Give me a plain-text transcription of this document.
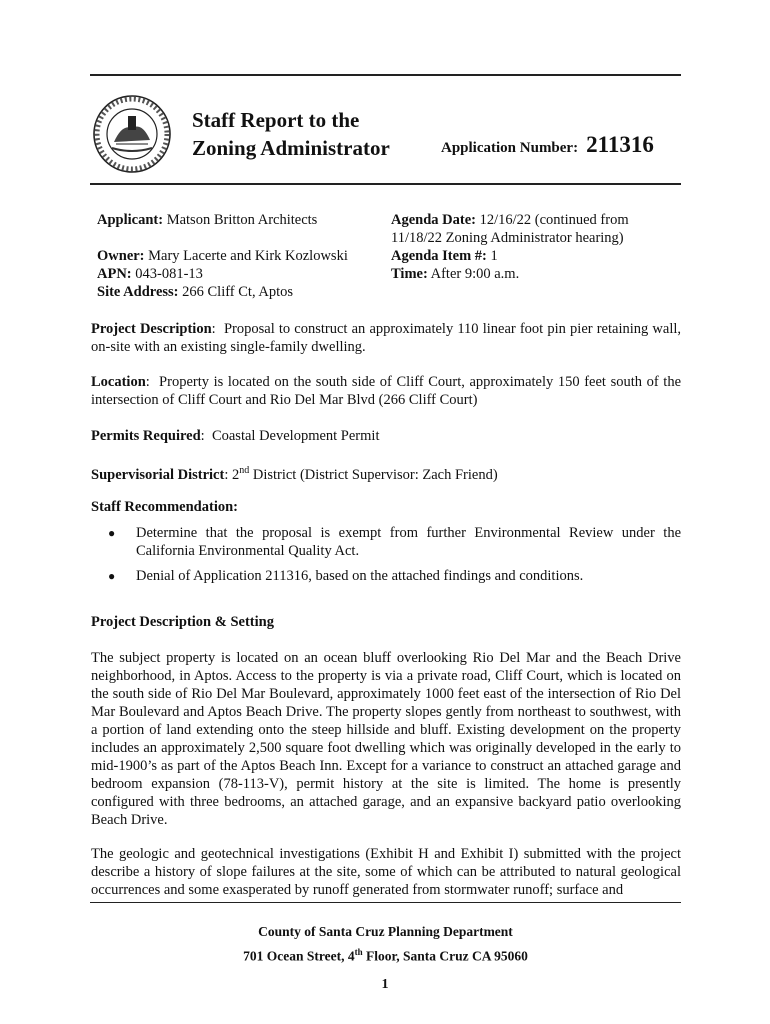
Staff Report to the
Zoning Administrator	Application Number: 211316
Applicant: Matson Britton Architects
Owner: Mary Lacerte and Kirk Kozlowski
APN: 043-081-13
Site Address: 266 Cliff Ct, Aptos
Agenda Date: 12/16/22 (continued from
11/18/22 Zoning Administrator hearing)
Agenda Item #: 1
Time: After 9:00 a.m.
Project Description:  Proposal to construct an approximately 110 linear foot pin pier retaining wall, on-site with an existing single-family dwelling.
Location:  Property is located on the south side of Cliff Court, approximately 150 feet south of the intersection of Cliff Court and Rio Del Mar Blvd (266 Cliff Court)
Permits Required:  Coastal Development Permit
Supervisorial District: 2nd District (District Supervisor: Zach Friend)
Staff Recommendation:
●	Determine that the proposal is exempt from further Environmental Review under the California Environmental Quality Act.
●	Denial of Application 211316, based on the attached findings and conditions.
Project Description & Setting
The subject property is located on an ocean bluff overlooking Rio Del Mar and the Beach Drive neighborhood, in Aptos. Access to the property is via a private road, Cliff Court, which is located on the south side of Rio Del Mar Boulevard, approximately 1000 feet east of the intersection of Rio Del Mar Boulevard and Aptos Beach Drive. The property slopes gently from northeast to southwest, with a portion of land extending onto the steep hillside and bluff. Existing development on the property includes an approximately 2,500 square foot dwelling which was originally developed in the early to mid-1900’s as part of the Aptos Beach Inn. Except for a variance to construct an attached garage and bedroom expansion (78-113-V), permit history at the site is limited. The home is presently configured with three bedrooms, an attached garage, and an expansive backyard patio overlooking Beach Drive.
The geologic and geotechnical investigations (Exhibit H and Exhibit I) submitted with the project describe a history of slope failures at the site, some of which can be attributed to natural geological occurrences and some exasperated by runoff generated from stormwater runoff; surface and
County of Santa Cruz Planning Department
701 Ocean Street, 4th Floor, Santa Cruz CA 95060
1
